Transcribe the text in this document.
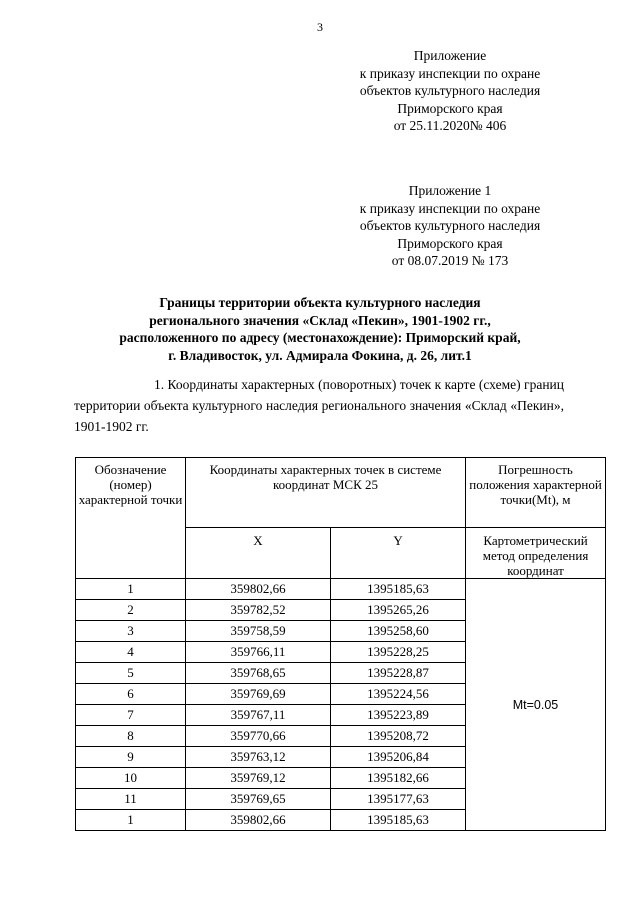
3
Приложение
к приказу инспекции по охране
объектов культурного наследия
Приморского края
от 25.11.2020№ 406
Приложение 1
к приказу инспекции по охране
объектов культурного наследия
Приморского края
от 08.07.2019 № 173
Границы территории объекта культурного наследия
регионального значения «Склад «Пекин», 1901-1902 гг.,
расположенного по адресу (местонахождение): Приморский край,
г. Владивосток, ул. Адмирала Фокина, д. 26, лит.1
1. Координаты характерных (поворотных) точек к карте (схеме) границ
территории объекта культурного наследия регионального значения «Склад «Пекин»,
1901-1902 гг.
Обозначение (номер) характерной точки	Координаты характерных точек в системе координат МСК 25		Погрешность положения характерной точки(Mt), м
	X	Y	Картометрический метод определения координат
1	359802,66	1395185,63	Mt=0.05
2	359782,52	1395265,26	
3	359758,59	1395258,60	
4	359766,11	1395228,25	
5	359768,65	1395228,87	
6	359769,69	1395224,56	
7	359767,11	1395223,89	
8	359770,66	1395208,72	
9	359763,12	1395206,84	
10	359769,12	1395182,66	
11	359769,65	1395177,63	
1	359802,66	1395185,63	
